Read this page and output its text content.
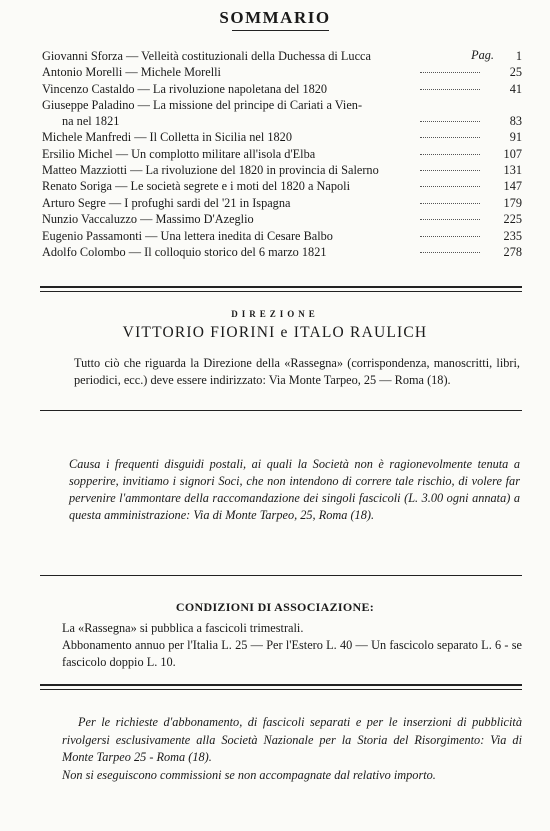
SOMMARIO
Pag.
Giovanni Sforza — Velleità costituzionali della Duchessa di Lucca	1
Antonio Morelli — Michele Morelli	25
Vincenzo Castaldo — La rivoluzione napoletana del 1820	41
Giuseppe Paladino — La missione del principe di Cariati a Vien-
na nel 1821	83
Michele Manfredi — Il Colletta in Sicilia nel 1820	91
Ersilio Michel — Un complotto militare all'isola d'Elba	107
Matteo Mazziotti — La rivoluzione del 1820 in provincia di Salerno	131
Renato Soriga — Le società segrete e i moti del 1820 a Napoli	147
Arturo Segre — I profughi sardi del '21 in Ispagna	179
Nunzio Vaccaluzzo — Massimo D'Azeglio	225
Eugenio Passamonti — Una lettera inedita di Cesare Balbo	235
Adolfo Colombo — Il colloquio storico del 6 marzo 1821	278
DIREZIONE
VITTORIO FIORINI e ITALO RAULICH
Tutto ciò che riguarda la Direzione della «Rassegna» (corrispondenza, manoscritti, libri, periodici, ecc.) deve essere indirizzato: Via Monte Tarpeo, 25 — Roma (18).
Causa i frequenti disguidi postali, ai quali la Società non è ragionevolmente tenuta a sopperire, invitiamo i signori Soci, che non intendono di correre tale rischio, di volere far pervenire l'ammontare della raccomandazione dei singoli fascicoli (L. 3.00 ogni annata) a questa amministrazione: Via di Monte Tarpeo, 25, Roma (18).
CONDIZIONI DI ASSOCIAZIONE:
La «Rassegna» si pubblica a fascicoli trimestrali.
Abbonamento annuo per l'Italia L. 25 — Per l'Estero L. 40 — Un fascicolo separato L. 6 - se fascicolo doppio L. 10.
Per le richieste d'abbonamento, di fascicoli separati e per le inserzioni di pubblicità rivolgersi esclusivamente alla Società Nazionale per la Storia del Risorgimento: Via di Monte Tarpeo 25 - Roma (18).
Non si eseguiscono commissioni se non accompagnate dal relativo importo.
